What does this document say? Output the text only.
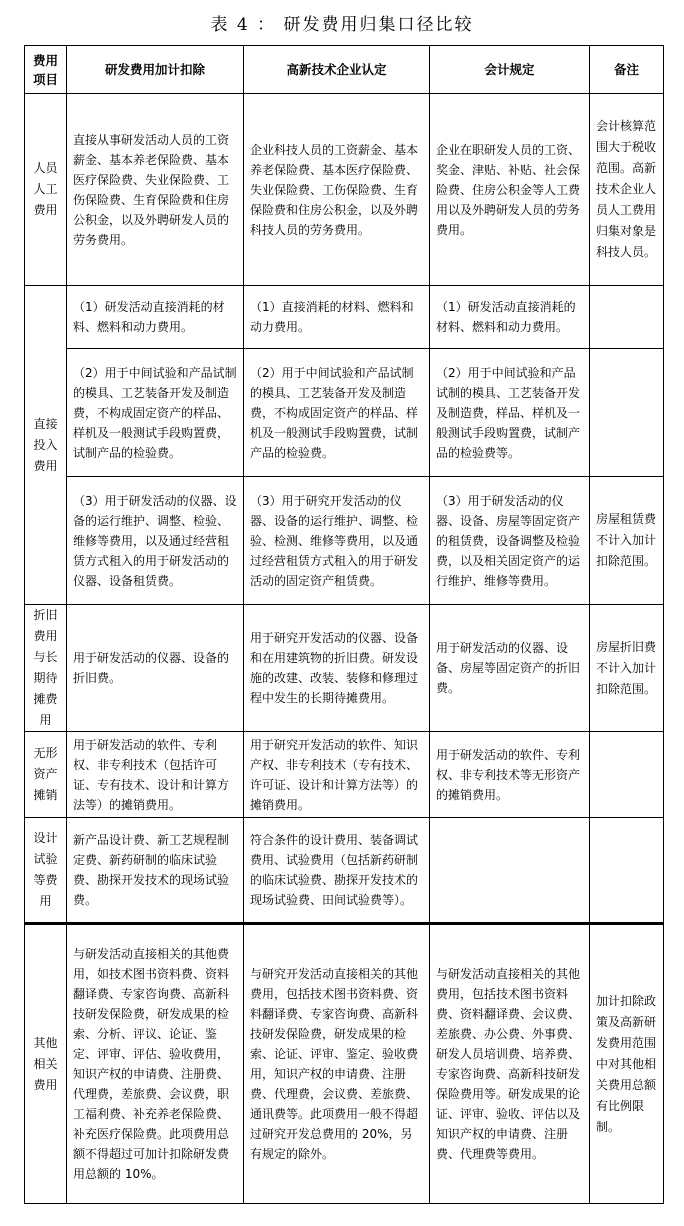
表 4 ： 研发费用归集口径比较
费用项目	研发费用加计扣除	高新技术企业认定	会计规定	备注
人员人工费用	直接从事研发活动人员的工资薪金、基本养老保险费、基本医疗保险费、失业保险费、工伤保险费、生育保险费和住房公积金，以及外聘研发人员的劳务费用。	企业科技人员的工资薪金、基本养老保险费、基本医疗保险费、失业保险费、工伤保险费、生育保险费和住房公积金，以及外聘科技人员的劳务费用。	企业在职研发人员的工资、奖金、津贴、补贴、社会保险费、住房公积金等人工费用以及外聘研发人员的劳务费用。	会计核算范围大于税收范围。高新技术企业人员人工费用归集对象是科技人员。
直接投入费用	（1）研发活动直接消耗的材料、燃料和动力费用。	（1）直接消耗的材料、燃料和动力费用。	（1）研发活动直接消耗的材料、燃料和动力费用。	
	（2）用于中间试验和产品试制的模具、工艺装备开发及制造费，不构成固定资产的样品、样机及一般测试手段购置费，试制产品的检验费。	（2）用于中间试验和产品试制的模具、工艺装备开发及制造费，不构成固定资产的样品、样机及一般测试手段购置费，试制产品的检验费。	（2）用于中间试验和产品试制的模具、工艺装备开发及制造费，样品、样机及一般测试手段购置费，试制产品的检验费等。	
	（3）用于研发活动的仪器、设备的运行维护、调整、检验、维修等费用，以及通过经营租赁方式租入的用于研发活动的仪器、设备租赁费。	（3）用于研究开发活动的仪器、设备的运行维护、调整、检验、检测、维修等费用，以及通过经营租赁方式租入的用于研发活动的固定资产租赁费。	（3）用于研发活动的仪器、设备、房屋等固定资产的租赁费，设备调整及检验费，以及相关固定资产的运行维护、维修等费用。	房屋租赁费不计入加计扣除范围。
折旧费用与长期待摊费用	用于研发活动的仪器、设备的折旧费。	用于研究开发活动的仪器、设备和在用建筑物的折旧费。研发设施的改建、改装、装修和修理过程中发生的长期待摊费用。	用于研发活动的仪器、设备、房屋等固定资产的折旧费。	房屋折旧费不计入加计扣除范围。
无形资产摊销	用于研发活动的软件、专利权、非专利技术（包括许可证、专有技术、设计和计算方法等）的摊销费用。	用于研究开发活动的软件、知识产权、非专利技术（专有技术、许可证、设计和计算方法等）的摊销费用。	用于研发活动的软件、专利权、非专利技术等无形资产的摊销费用。	
设计试验等费用	新产品设计费、新工艺规程制定费、新药研制的临床试验费、勘探开发技术的现场试验费。	符合条件的设计费用、装备调试费用、试验费用（包括新药研制的临床试验费、勘探开发技术的现场试验费、田间试验费等）。		
其他相关费用	与研发活动直接相关的其他费用，如技术图书资料费、资料翻译费、专家咨询费、高新科技研发保险费，研发成果的检索、分析、评议、论证、鉴定、评审、评估、验收费用，知识产权的申请费、注册费、代理费，差旅费、会议费，职工福利费、补充养老保险费、补充医疗保险费。此项费用总额不得超过可加计扣除研发费用总额的 10%。	与研究开发活动直接相关的其他费用，包括技术图书资料费、资料翻译费、专家咨询费、高新科技研发保险费，研发成果的检索、论证、评审、鉴定、验收费用，知识产权的申请费、注册费、代理费，会议费、差旅费、通讯费等。此项费用一般不得超过研究开发总费用的 20%，另有规定的除外。	与研发活动直接相关的其他费用，包括技术图书资料费、资料翻译费、会议费、差旅费、办公费、外事费、研发人员培训费、培养费、专家咨询费、高新科技研发保险费用等。研发成果的论证、评审、验收、评估以及知识产权的申请费、注册费、代理费等费用。	加计扣除政策及高新研发费用范围中对其他相关费用总额有比例限制。
